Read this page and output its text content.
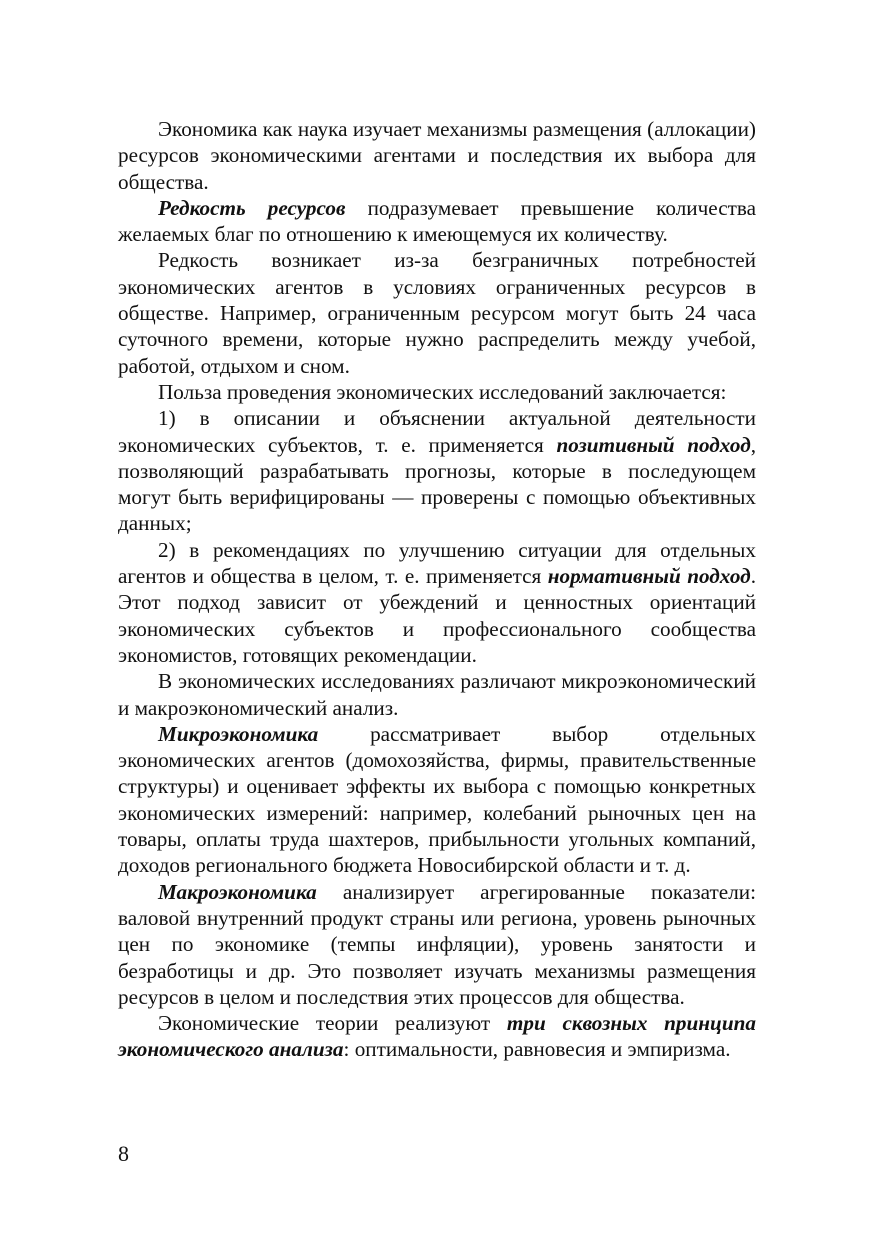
Экономика как наука изучает механизмы размещения (аллокации) ресурсов экономическими агентами и последствия их выбора для общества.

Редкость ресурсов подразумевает превышение количества желаемых благ по отношению к имеющемуся их количеству.

Редкость возникает из-за безграничных потребностей экономических агентов в условиях ограниченных ресурсов в обществе. Например, ограниченным ресурсом могут быть 24 часа суточного времени, которые нужно распределить между учебой, работой, отдыхом и сном.

Польза проведения экономических исследований заключается:

1) в описании и объяснении актуальной деятельности экономических субъектов, т. е. применяется позитивный подход, позволяющий разрабатывать прогнозы, которые в последующем могут быть верифицированы — проверены с помощью объективных данных;

2) в рекомендациях по улучшению ситуации для отдельных агентов и общества в целом, т. е. применяется нормативный подход. Этот подход зависит от убеждений и ценностных ориентаций экономических субъектов и профессионального сообщества экономистов, готовящих рекомендации.

В экономических исследованиях различают микроэкономический и макроэкономический анализ.

Микроэкономика рассматривает выбор отдельных экономических агентов (домохозяйства, фирмы, правительственные структуры) и оценивает эффекты их выбора с помощью конкретных экономических измерений: например, колебаний рыночных цен на товары, оплаты труда шахтеров, прибыльности угольных компаний, доходов регионального бюджета Новосибирской области и т. д.

Макроэкономика анализирует агрегированные показатели: валовой внутренний продукт страны или региона, уровень рыночных цен по экономике (темпы инфляции), уровень занятости и безработицы и др. Это позволяет изучать механизмы размещения ресурсов в целом и последствия этих процессов для общества.

Экономические теории реализуют три сквозных принципа экономического анализа: оптимальности, равновесия и эмпиризма.

8
